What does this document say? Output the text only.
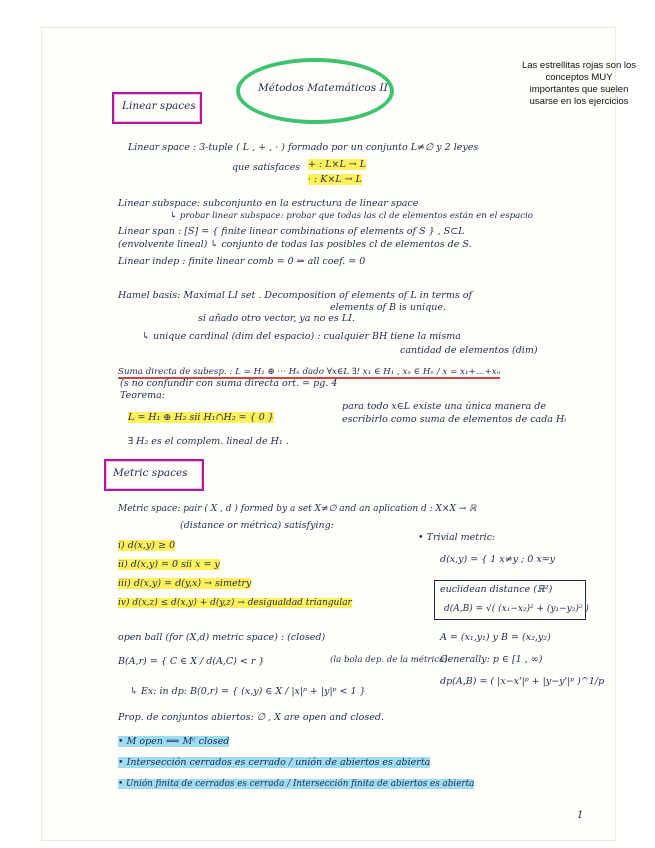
Las estrellitas rojas son los conceptos MUY importantes que suelen usarse en los ejercicios
Métodos Matemáticos II
Linear spaces
Linear space : 3-tuple ( L , + , · ) formado por un conjunto L≠∅ y 2 leyes
que satisfaces + : L×L → L
· : K×L → L
Linear subspace: subconjunto en la estructura de linear space
↳ probar linear subspace: probar que todas las cl de elementos están en el espacio
Linear span : [S] = { finite linear combinations of elements of S } , S⊂L
(envolvente lineal) ↳ conjunto de todas las posibles cl de elementos de S.
Linear indep : finite linear comb = 0 ⇒ all coef. = 0
Hamel basis: Maximal LI set . Decomposition of elements of L in terms of
elements of B is unique.
si añado otro vector, ya no es LI.
↳ unique cardinal (dim del espacio) : cualquier BH tiene la misma
cantidad de elementos (dim)
Suma directa de subesp. : L = H₁ ⊕ ··· Hₙ dado ∀x∈L ∃! x₁ ∈ H₁ , xₙ ∈ Hₙ / x = x₁+…+xₙ
(s no confundir con suma directa ort. = pg. 4
Teorema:
para todo x∈L existe una única manera de
escribirlo como suma de elementos de cada Hᵢ
L = H₁ ⊕ H₂ sii H₁∩H₂ = { 0 }
∃ H₂ es el complem. lineal de H₁ .
Metric spaces
Metric space: pair ( X , d ) formed by a set X≠∅ and an aplication d : X×X → ℝ
(distance or métrica) satisfying:
i) d(x,y) ≥ 0
ii) d(x,y) = 0 sii x = y
iii) d(x,y) = d(y,x) → simetry
iv) d(x,z) ≤ d(x,y) + d(y,z) → desigualdad triangular
• Trivial metric:
d(x,y) = { 1 x≠y ; 0 x=y
euclidean distance (ℝ²)
d(A,B) = √( (x₁−x₂)² + (y₁−y₂)² )
open ball (for (X,d) metric space) : (closed)
B(A,r) = { C ∈ X / d(A,C) < r }	(la bola dep. de la métrica)
A = (x₁,y₁) y B = (x₂,y₂)
Generally: p ∈ [1 , ∞)
dp(A,B) = ( |x−x'|ᵖ + |y−y'|ᵖ )^1/p
↳ Ex: in dp: B(0,r) = { (x,y) ∈ X / |x|ᵖ + |y|ᵖ < 1 }
Prop. de conjuntos abiertos: ∅ , X are open and closed.
• M open ⟺ Mᶜ closed
• Intersección cerrados es cerrado / unión de abiertos es abierta
• Unión finita de cerrados es cerrada / Intersección finita de abiertos es abierta
1
